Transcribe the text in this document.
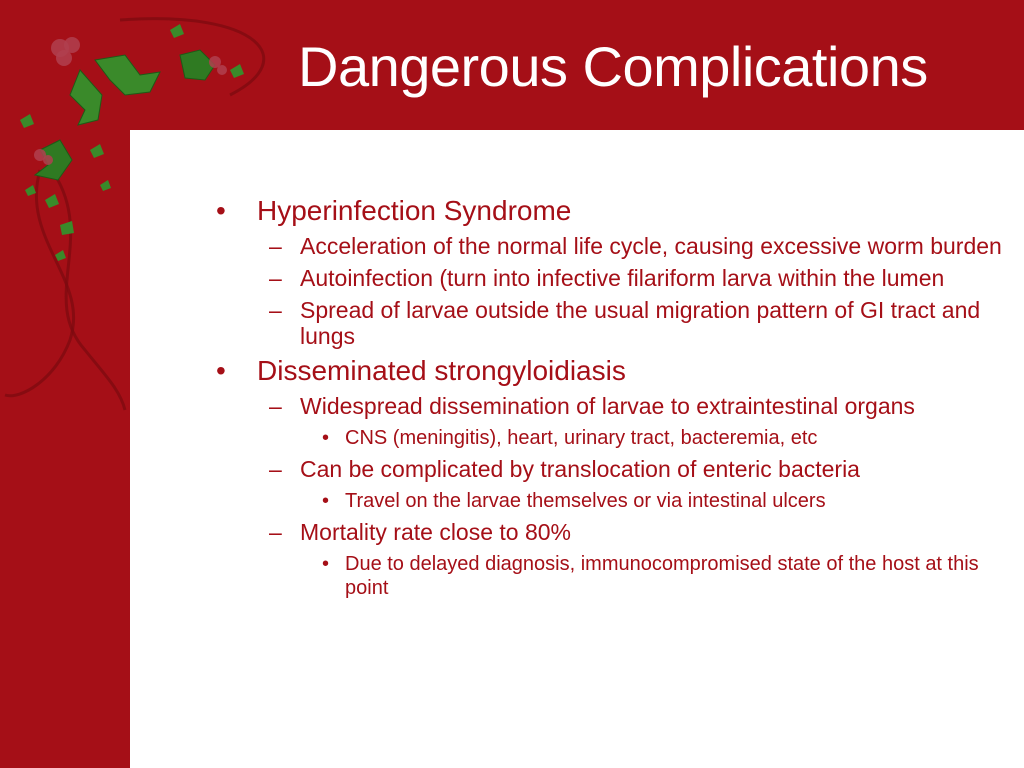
Dangerous Complications
• Hyperinfection Syndrome
– Acceleration of the normal life cycle, causing excessive worm burden
– Autoinfection (turn into infective filariform larva within the lumen
– Spread of larvae outside the usual migration pattern of GI tract and lungs
• Disseminated strongyloidiasis
– Widespread dissemination of larvae to extraintestinal organs
• CNS (meningitis), heart, urinary tract, bacteremia, etc
– Can be complicated by translocation of enteric bacteria
• Travel on the larvae themselves or via intestinal ulcers
– Mortality rate close to 80%
• Due to delayed diagnosis, immunocompromised state of the host at this point
